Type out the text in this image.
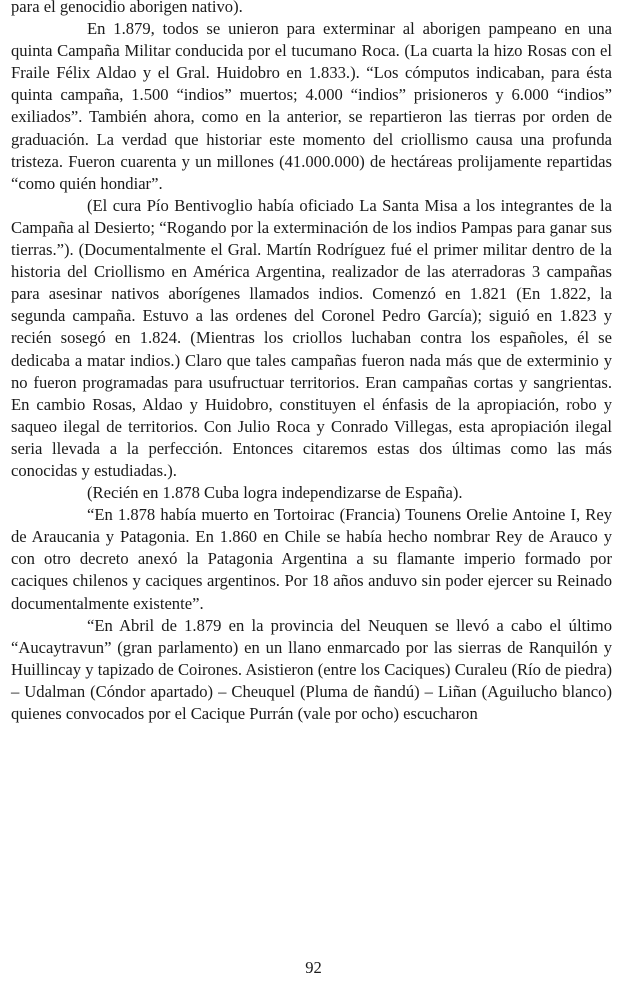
para el genocidio aborigen nativo).

En 1.879, todos se unieron para exterminar al aborigen pampeano en una quinta Campaña Militar conducida por el tucumano Roca. (La cuarta la hizo Rosas con el Fraile Félix Aldao y el Gral. Huidobro en 1.833.). “Los cómputos indicaban, para ésta quinta campaña, 1.500 “indios” muertos; 4.000 “indios” prisioneros y 6.000 “indios” exiliados”. También ahora, como en la anterior, se repartieron las tierras por orden de graduación. La verdad que historiar este momento del criollismo causa una profunda tristeza. Fueron cuarenta y un millones (41.000.000) de hectáreas prolijamente repartidas “como quién hondiar”.

(El cura Pío Bentivoglio había oficiado La Santa Misa a los integrantes de la Campaña al Desierto; “Rogando por la exterminación de los indios Pampas para ganar sus tierras.”). (Documentalmente el Gral. Martín Rodríguez fué el primer militar dentro de la historia del Criollismo en América Argentina, realizador de las aterradoras 3 campañas para asesinar nativos aborígenes llamados indios. Comenzó en 1.821 (En 1.822, la segunda campaña. Estuvo a las ordenes del Coronel Pedro García); siguió en 1.823 y recién sosegó en 1.824. (Mientras los criollos luchaban contra los españoles, él se dedicaba a matar indios.) Claro que tales campañas fueron nada más que de exterminio y no fueron programadas para usufructuar territorios. Eran campañas cortas y sangrientas. En cambio Rosas, Aldao y Huidobro, constituyen el énfasis de la apropiación, robo y saqueo ilegal de territorios. Con Julio Roca y Conrado Villegas, esta apropiación ilegal seria llevada a la perfección. Entonces citaremos estas dos últimas como las más conocidas y estudiadas.).

(Recién en 1.878 Cuba logra independizarse de España).

“En 1.878 había muerto en Tortoirac (Francia) Tounens Orelie Antoine I, Rey de Araucania y Patagonia. En 1.860 en Chile se había hecho nombrar Rey de Arauco y con otro decreto anexó la Patagonia Argentina a su flamante imperio formado por caciques chilenos y caciques argentinos. Por 18 años anduvo sin poder ejercer su Reinado documentalmente existente”.

“En Abril de 1.879 en la provincia del Neuquen se llevó a cabo el último “Aucaytravun” (gran parlamento) en un llano enmarcado por las sierras de Ranquilón y Huillincay y tapizado de Coirones. Asistieron (entre los Caciques) Curaleu (Río de piedra) – Udalman (Cóndor apartado) – Cheuquel (Pluma de ñandú) – Liñan (Aguilucho blanco) quienes convocados por el Cacique Purrán (vale por ocho) escucharon

92
